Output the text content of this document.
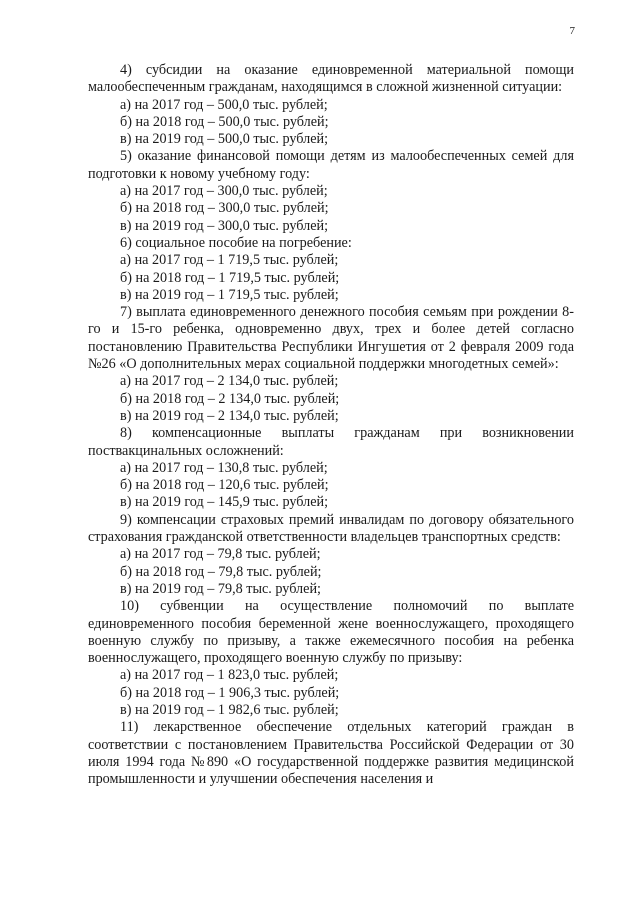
7

4) субсидии на оказание единовременной материальной помощи малообеспеченным гражданам, находящимся в сложной жизненной ситуации:

а) на 2017 год – 500,0 тыс. рублей;

б) на 2018 год – 500,0 тыс. рублей;

в) на 2019 год – 500,0 тыс. рублей;

5) оказание финансовой помощи детям из малообеспеченных семей для подготовки к новому учебному году:

а) на 2017 год – 300,0 тыс. рублей;

б) на 2018 год – 300,0 тыс. рублей;

в) на 2019 год – 300,0 тыс. рублей;

6) социальное пособие на погребение:

а) на 2017 год – 1 719,5 тыс. рублей;

б) на 2018 год – 1 719,5 тыс. рублей;

в) на 2019 год – 1 719,5 тыс. рублей;

7) выплата единовременного денежного пособия семьям при рождении 8-го и 15-го ребенка, одновременно двух, трех и более детей согласно постановлению Правительства Республики Ингушетия от 2 февраля 2009 года №26 «О дополнительных мерах социальной поддержки многодетных семей»:

а) на 2017 год – 2 134,0 тыс. рублей;

б) на 2018 год – 2 134,0 тыс. рублей;

в) на 2019 год – 2 134,0 тыс. рублей;

8) компенсационные выплаты гражданам при возникновении поствакцинальных осложнений:

а) на 2017 год – 130,8 тыс. рублей;

б) на 2018 год – 120,6 тыс. рублей;

в) на 2019 год – 145,9 тыс. рублей;

9) компенсации страховых премий инвалидам по договору обязательного страхования гражданской ответственности владельцев транспортных средств:

а) на 2017 год – 79,8 тыс. рублей;

б) на 2018 год – 79,8 тыс. рублей;

в) на 2019 год – 79,8 тыс. рублей;

10) субвенции на осуществление полномочий по выплате единовременного пособия беременной жене военнослужащего, проходящего военную службу по призыву, а также ежемесячного пособия на ребенка военнослужащего, проходящего военную службу по призыву:

а) на 2017 год – 1 823,0 тыс. рублей;

б) на 2018 год – 1 906,3 тыс. рублей;

в) на 2019 год – 1 982,6 тыс. рублей;

11) лекарственное обеспечение отдельных категорий граждан в соответствии с постановлением Правительства Российской Федерации от 30 июля 1994 года №890 «О государственной поддержке развития медицинской промышленности и улучшении обеспечения населения и
